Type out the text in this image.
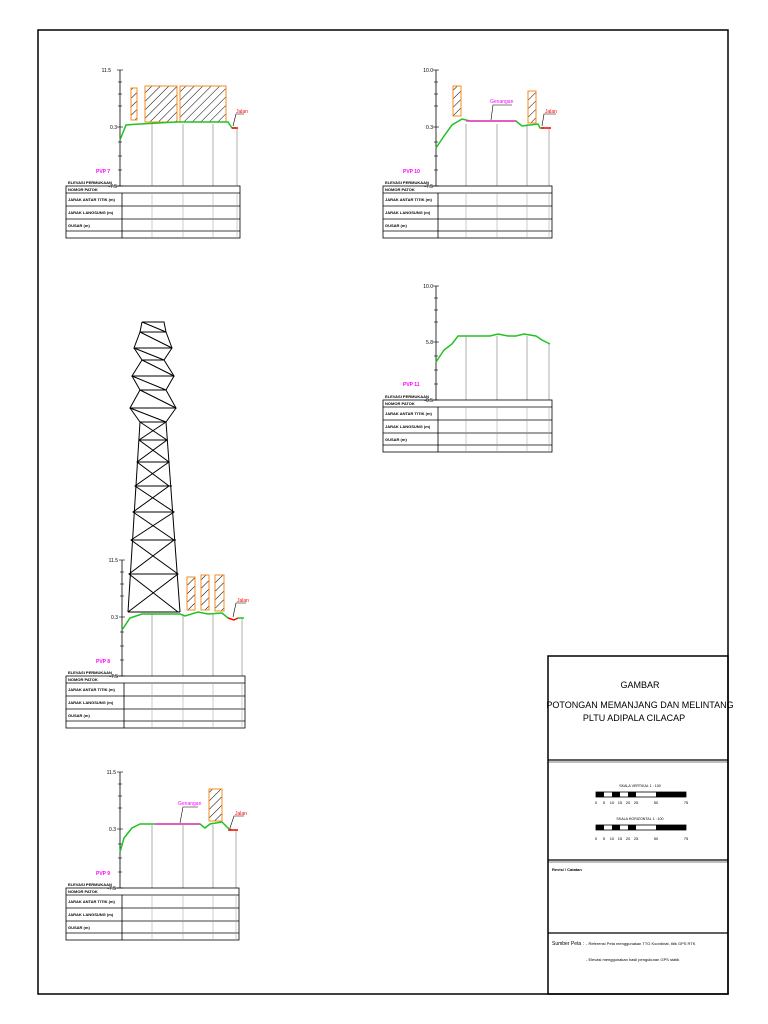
11.5
0.3
-7.5
Jalan
PVP 7
ELEVASI PERMUKAAN
NOMOR PATOK
JARAK ANTAR TITIK (m)
JARAK LANGSUNG (m)
GUSAR (m)
10.0
0.3
-7.5
Genangan
Jalan
PVP 10
ELEVASI PERMUKAAN
NOMOR PATOK
JARAK ANTAR TITIK (m)
JARAK LANGSUNG (m)
GUSAR (m)
10.0
5.8
-0.5
PVP 11
ELEVASI PERMUKAAN
NOMOR PATOK
JARAK ANTAR TITIK (m)
JARAK LANGSUNG (m)
GUSAR (m)
11.5
0.3
-7.5
Jalan
PVP 8
ELEVASI PERMUKAAN
NOMOR PATOK
JARAK ANTAR TITIK (m)
JARAK LANGSUNG (m)
GUSAR (m)
11.5
0.3
-7.5
Genangan
Jalan
PVP 9
ELEVASI PERMUKAAN
NOMOR PATOK
JARAK ANTAR TITIK (m)
JARAK LANGSUNG (m)
GUSAR (m)
GAMBAR
POTONGAN MEMANJANG DAN MELINTANG
PLTU ADIPALA CILACAP
SKALA VERTIKAL 1 : 100
0 5 10 15 20 25	50	75
SKALA HORIZONTAL 1 : 100
0 5 10 15 20 25	50	75
Revisi / Catatan
Sumber Peta : - Referensi Peta menggunakan TTG Koordinat, titik GPS RTK
- Elevasi menggunakan hasil pengukuran GPS statik
